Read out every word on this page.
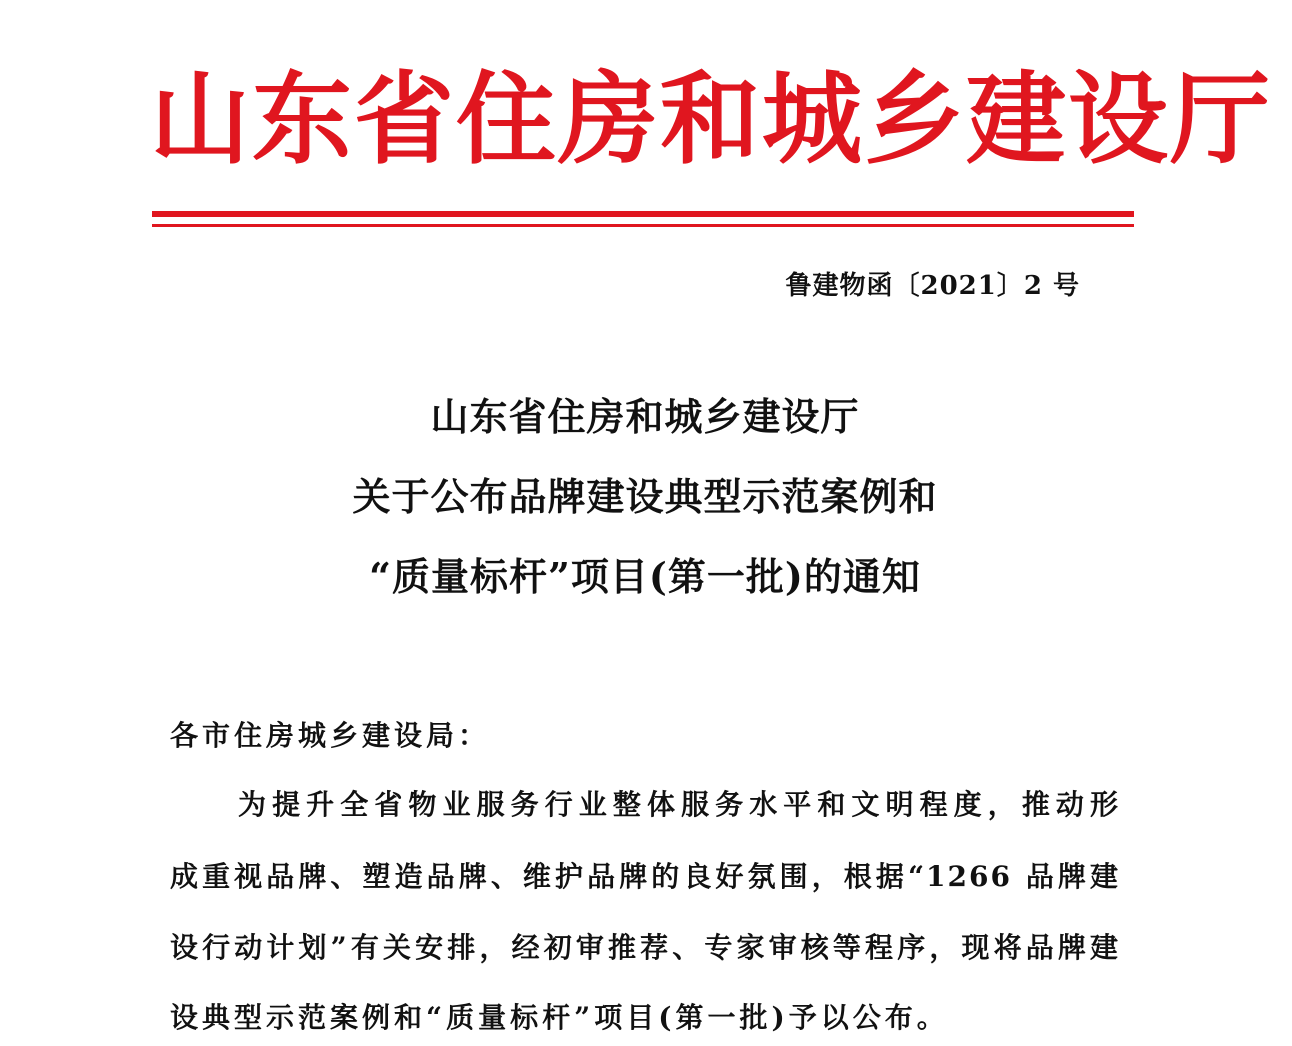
山东省住房和城乡建设厅
鲁建物函〔2021〕2 号
山东省住房和城乡建设厅
关于公布品牌建设典型示范案例和
“质量标杆”项目(第一批)的通知
各市住房城乡建设局：
为提升全省物业服务行业整体服务水平和文明程度，推动形
成重视品牌、塑造品牌、维护品牌的良好氛围，根据“1266 品牌建
设行动计划”有关安排，经初审推荐、专家审核等程序，现将品牌建
设典型示范案例和“质量标杆”项目(第一批)予以公布。
